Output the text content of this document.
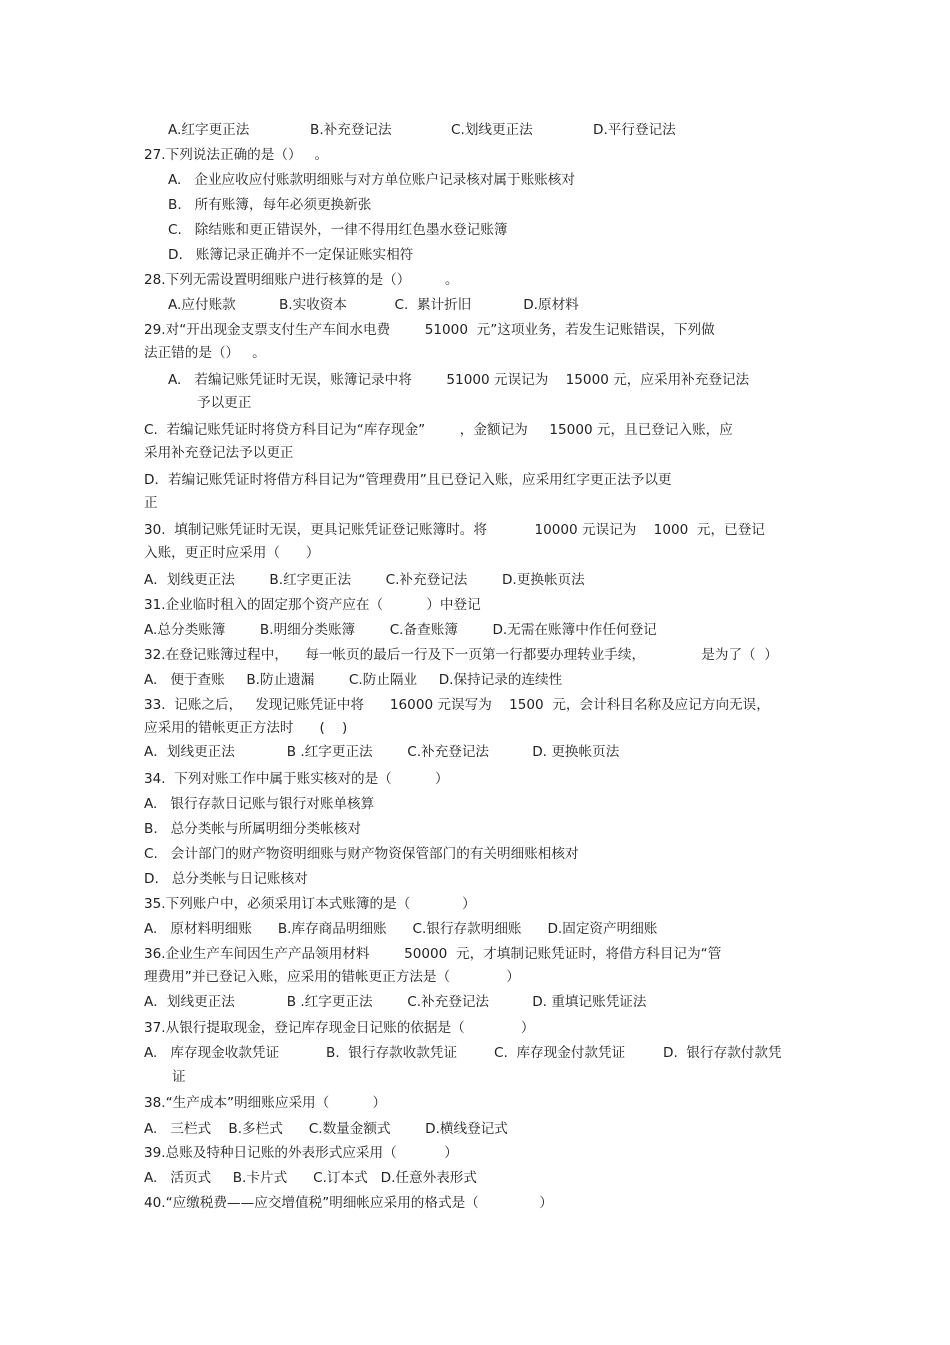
A.红字更正法	B.补充登记法	C.划线更正法	D.平行登记法
27.下列说法正确的是（）   。
A.   企业应收应付账款明细账与对方单位账户记录核对属于账账核对
B.   所有账簿，每年必须更换新张
C.   除结账和更正错误外，一律不得用红色墨水登记账簿
D.   账簿记录正确并不一定保证账实相符
28.下列无需设置明细账户进行核算的是（）        。
A.应付账款          B.实收资本           C.  累计折旧            D.原材料
29.对“开出现金支票支付生产车间水电费        51000  元”这项业务，若发生记账错误，下列做
法正错的是（）   。
A.   若编记账凭证时无误，账簿记录中将        51000 元误记为    15000 元，应采用补充登记法
予以更正
C.  若编记账凭证时将贷方科目记为“库存现金”        ，金额记为     15000 元，且已登记入账，应
采用补充登记法予以更正
D．若编记账凭证时将借方科目记为“管理费用”且已登记入账，应采用红字更正法予以更
正
30.  填制记账凭证时无误，更具记账凭证登记账簿时。将           10000 元误记为    1000  元，已登记
入账，更正时应采用（      ）
A．划线更正法        B.红字更正法        C.补充登记法        D.更换帐页法
31.企业临时租入的固定那个资产应在（          ）中登记
A.总分类账簿        B.明细分类账簿        C.备查账簿        D.无需在账簿中作任何登记
32.在登记账簿过程中，    每一帐页的最后一行及下一页第一行都要办理转业手续，             是为了（  ）
A.   便于查账     B.防止遗漏        C.防止隔业     D.保持记录的连续性
33.  记账之后，   发现记账凭证中将      16000 元误写为    1500  元，会计科目名称及应记方向无误，
应采用的错帐更正方法时      (    )
A．划线更正法            B .红字更正法        C.补充登记法          D. 更换帐页法
34.  下列对账工作中属于账实核对的是（          ）
A.   银行存款日记账与银行对账单核算
B.   总分类帐与所属明细分类帐核对
C.   会计部门的财产物资明细账与财产物资保管部门的有关明细账相核对
D.   总分类帐与日记账核对
35.下列账户中，必须采用订本式账簿的是（            ）
A.   原材料明细账      B.库存商品明细账      C.银行存款明细账      D.固定资产明细账
36.企业生产车间因生产产品领用材料        50000  元，才填制记账凭证时，将借方科目记为“管
理费用”并已登记入账，应采用的错帐更正方法是（             ）
A．划线更正法            B .红字更正法        C.补充登记法          D. 重填记账凭证法
37.从银行提取现金，登记库存现金日记账的依据是（             ）
A.   库存现金收款凭证	B.  银行存款收款凭证	C.  库存现金付款凭证	D.  银行存款付款凭
证
38.“生产成本”明细账应采用（          ）
A.   三栏式    B.多栏式      C.数量金额式        D.横线登记式
39.总账及特种日记账的外表形式应采用（           ）
A.   活页式     B.卡片式      C.订本式   D.任意外表形式
40.“应缴税费——应交增值税”明细帐应采用的格式是（              ）
